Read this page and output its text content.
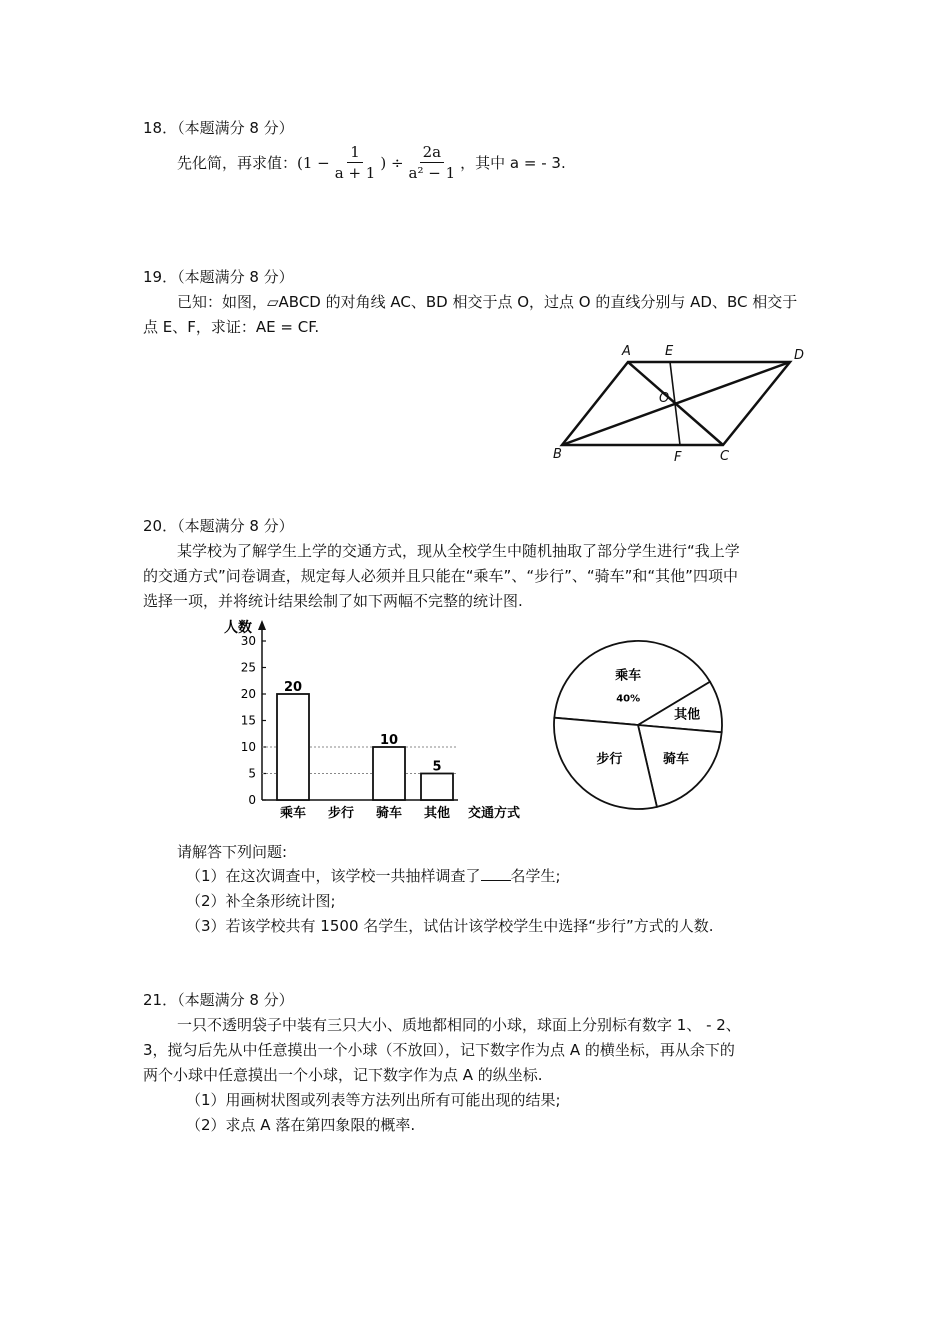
18．（本题满分 8 分）
先化简，再求值： ($1 - \frac{1}{a + 1}$ ) ÷ $\frac{2a}{\text{a² − 1}}$ ，其中 a = - 3.
19．（本题满分 8 分）
已知：如图，▱ABCD 的对角线 AC、BD 相交于点 O，过点 O 的直线分别与 AD、BC 相交于
点 E、F，求证：AE = CF.
A	E	D
O
B	F	C
20．（本题满分 8 分）
某学校为了解学生上学的交通方式，现从全校学生中随机抽取了部分学生进行“我上学
的交通方式”问卷调查，规定每人必须并且只能在“乘车”、“步行”、“骑车”和“其他”四项中
选择一项，并将统计结果绘制了如下两幅不完整的统计图.
人数
交通方式
0
5
10
15
20
25
30
20
乘车 步行
10
骑车
5
其他
乘车
40%
其他
骑车
步行
请解答下列问题:
（1）在这次调查中，该学校一共抽样调查了 名学生;
（2）补全条形统计图;
（3）若该学校共有 1500 名学生，试估计该学校学生中选择“步行”方式的人数.
21．（本题满分 8 分）
一只不透明袋子中装有三只大小、质地都相同的小球，球面上分别标有数字 1、 - 2、
3，搅匀后先从中任意摸出一个小球（不放回），记下数字作为点 A 的横坐标，再从余下的
两个小球中任意摸出一个小球，记下数字作为点 A 的纵坐标.
（1）用画树状图或列表等方法列出所有可能出现的结果;
（2）求点 A 落在第四象限的概率.
